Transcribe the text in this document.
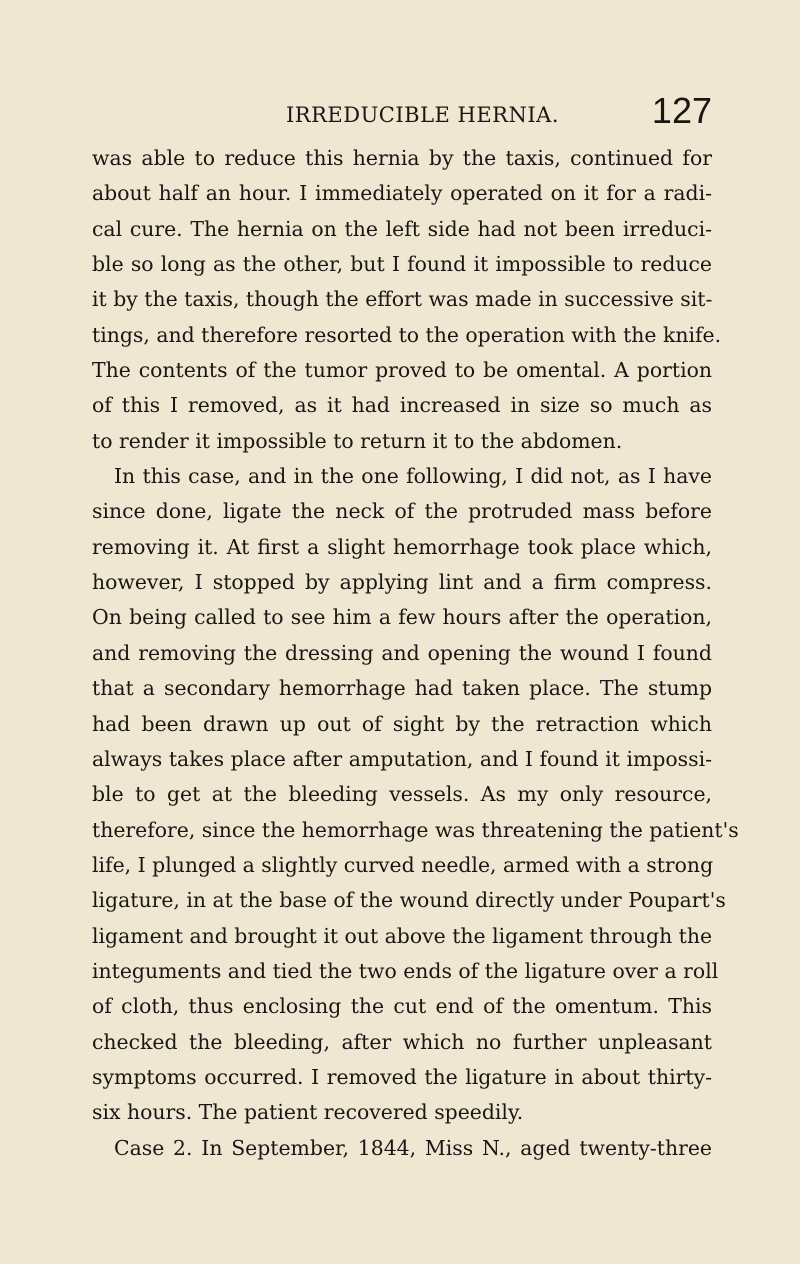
IRREDUCIBLE HERNIA.	127
was able to reduce this hernia by the taxis, continued for
about half an hour. I immediately operated on it for a radi-
cal cure. The hernia on the left side had not been irreduci-
ble so long as the other, but I found it impossible to reduce
it by the taxis, though the effort was made in successive sit-
tings, and therefore resorted to the operation with the knife.
The contents of the tumor proved to be omental. A portion
of this I removed, as it had increased in size so much as
to render it impossible to return it to the abdomen.
In this case, and in the one following, I did not, as I have
since done, ligate the neck of the protruded mass before
removing it. At first a slight hemorrhage took place which,
however, I stopped by applying lint and a firm compress.
On being called to see him a few hours after the operation,
and removing the dressing and opening the wound I found
that a secondary hemorrhage had taken place. The stump
had been drawn up out of sight by the retraction which
always takes place after amputation, and I found it impossi-
ble to get at the bleeding vessels. As my only resource,
therefore, since the hemorrhage was threatening the patient's
life, I plunged a slightly curved needle, armed with a strong
ligature, in at the base of the wound directly under Poupart's
ligament and brought it out above the ligament through the
integuments and tied the two ends of the ligature over a roll
of cloth, thus enclosing the cut end of the omentum. This
checked the bleeding, after which no further unpleasant
symptoms occurred. I removed the ligature in about thirty-
six hours. The patient recovered speedily.
Case 2. In September, 1844, Miss N., aged twenty-three
